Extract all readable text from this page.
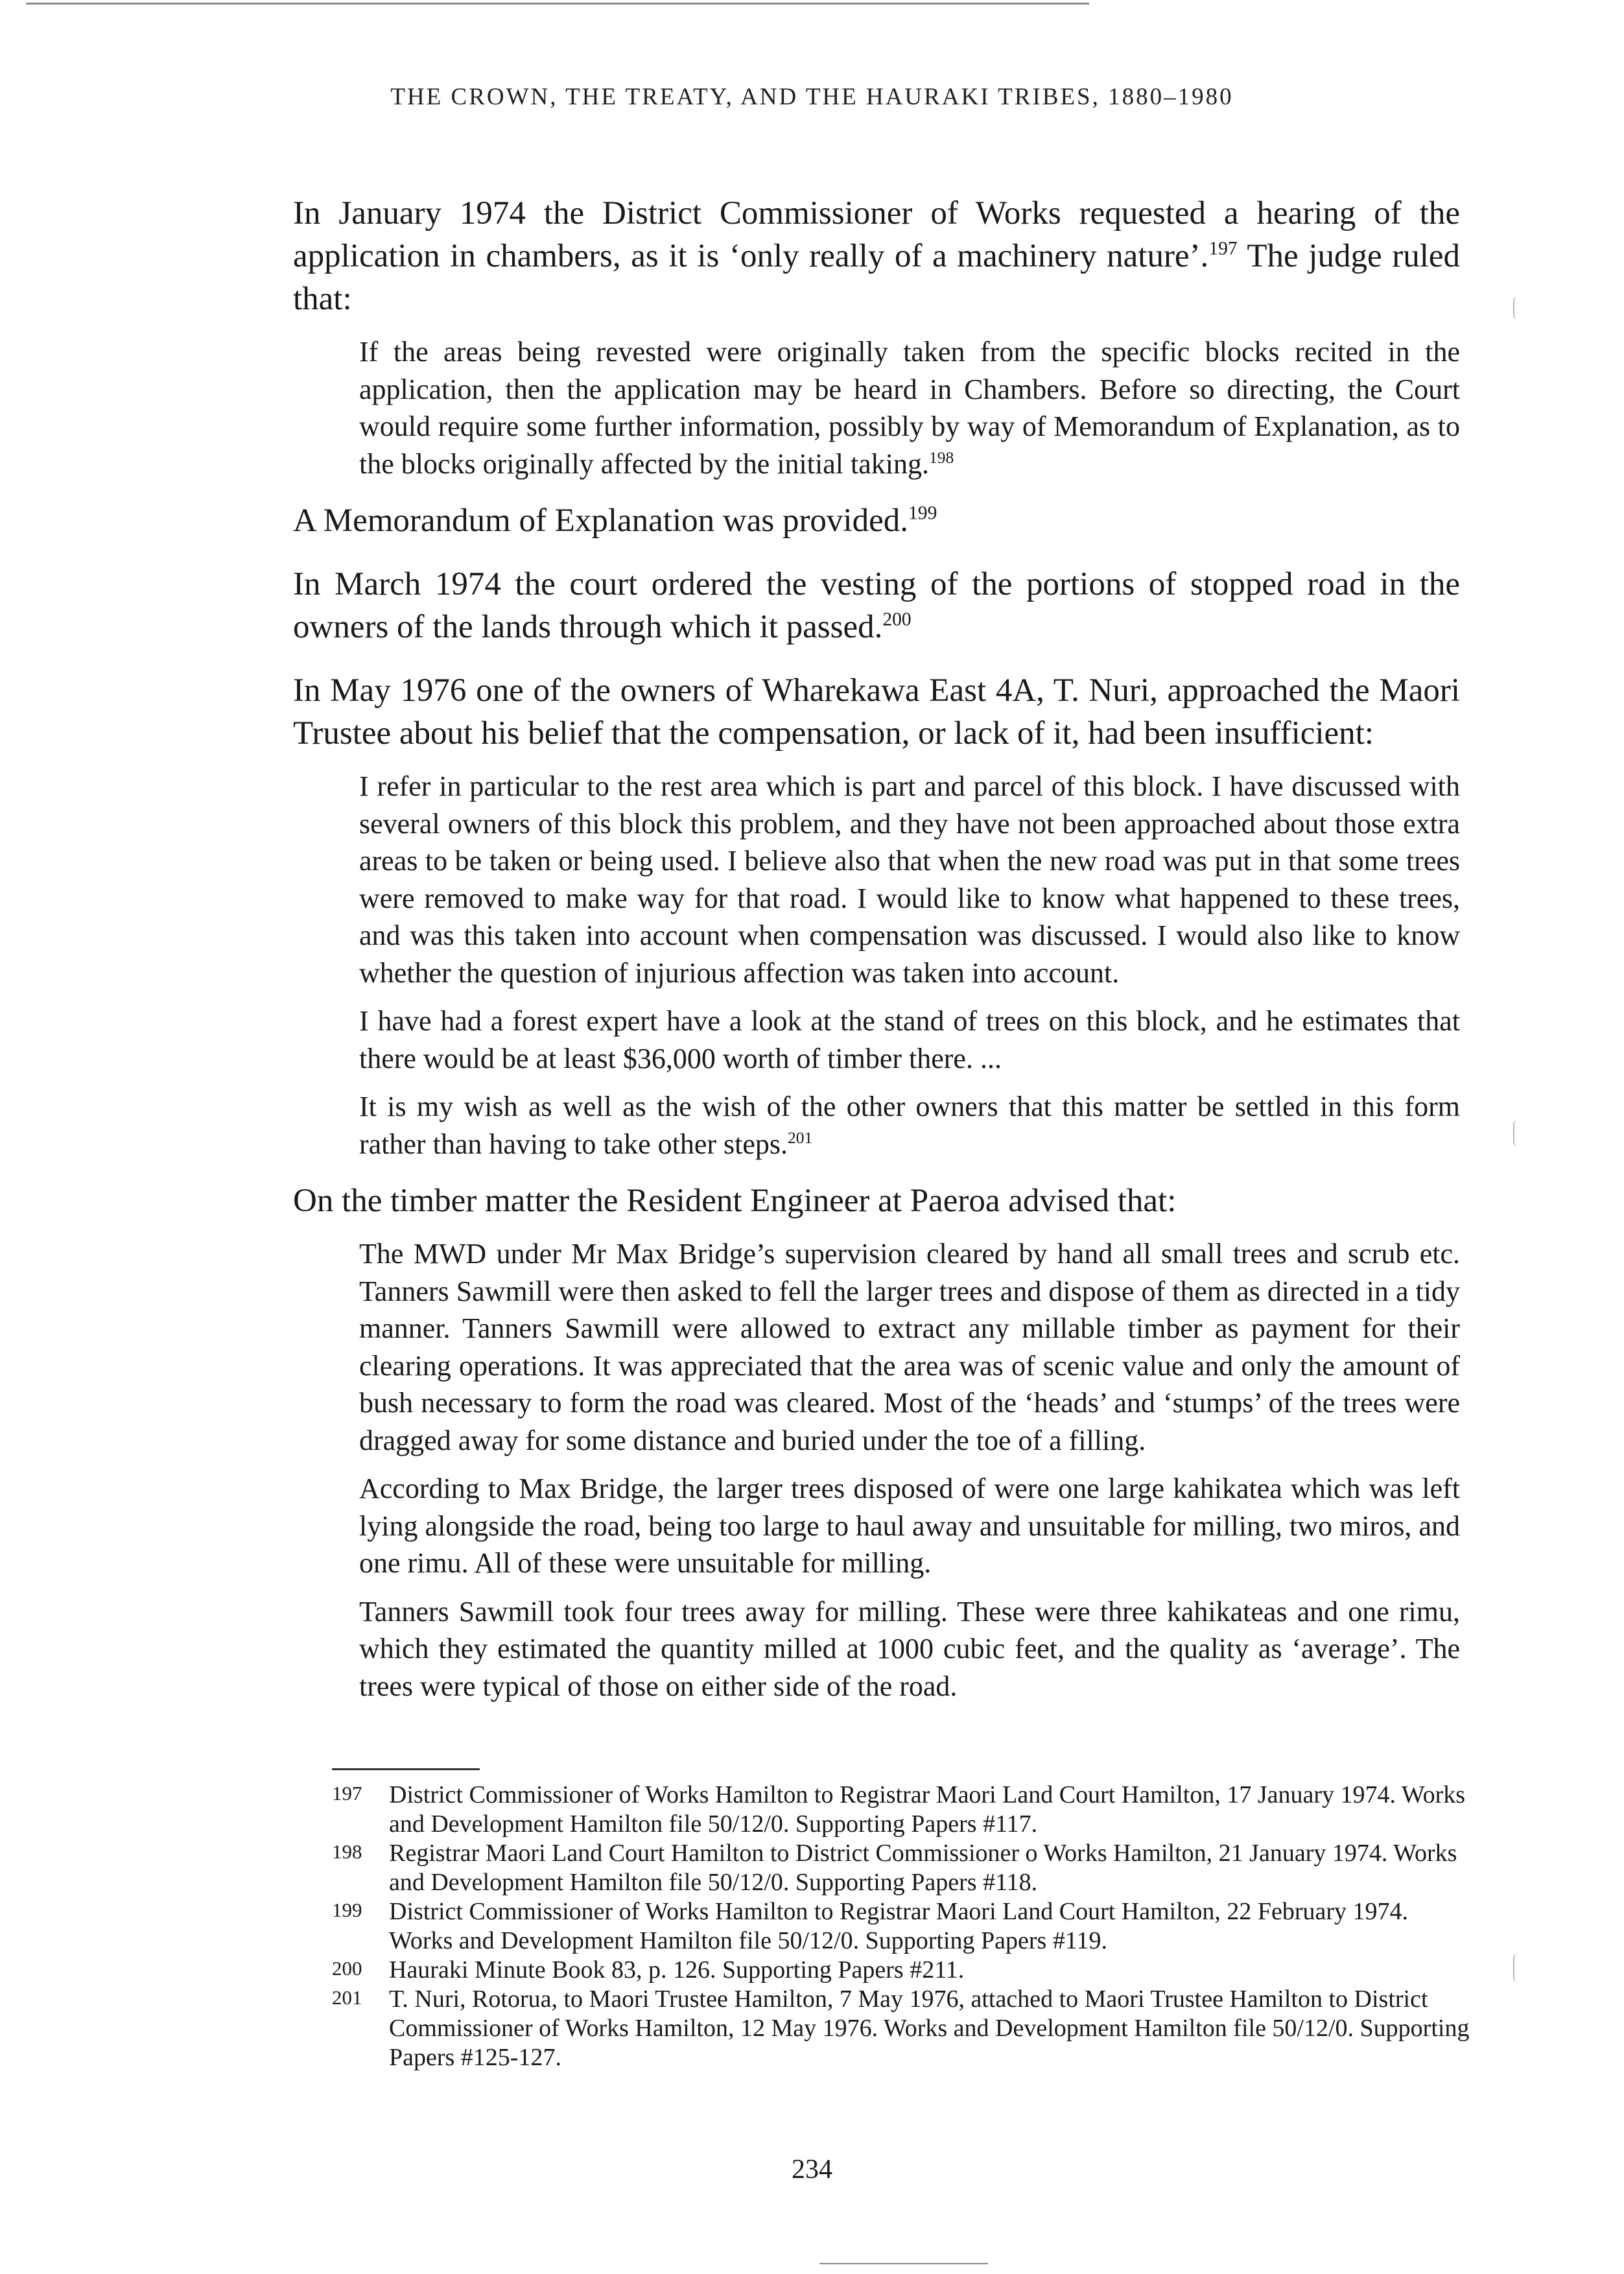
THE CROWN, THE TREATY, AND THE HAURAKI TRIBES, 1880–1980

In January 1974 the District Commissioner of Works requested a hearing of the application in chambers, as it is ‘only really of a machinery nature’.$^{197}$ The judge ruled that:

If the areas being revested were originally taken from the specific blocks recited in the application, then the application may be heard in Chambers. Before so directing, the Court would require some further information, possibly by way of Memorandum of Explanation, as to the blocks originally affected by the initial taking.$^{198}$

A Memorandum of Explanation was provided.$^{199}$

In March 1974 the court ordered the vesting of the portions of stopped road in the owners of the lands through which it passed.$^{200}$

In May 1976 one of the owners of Wharekawa East 4A, T. Nuri, approached the Maori Trustee about his belief that the compensation, or lack of it, had been insufficient:

I refer in particular to the rest area which is part and parcel of this block. I have discussed with several owners of this block this problem, and they have not been approached about those extra areas to be taken or being used. I believe also that when the new road was put in that some trees were removed to make way for that road. I would like to know what happened to these trees, and was this taken into account when compensation was discussed. I would also like to know whether the question of injurious affection was taken into account.

I have had a forest expert have a look at the stand of trees on this block, and he estimates that there would be at least $36,000 worth of timber there. ...

It is my wish as well as the wish of the other owners that this matter be settled in this form rather than having to take other steps.$^{201}$

On the timber matter the Resident Engineer at Paeroa advised that:

The MWD under Mr Max Bridge’s supervision cleared by hand all small trees and scrub etc. Tanners Sawmill were then asked to fell the larger trees and dispose of them as directed in a tidy manner. Tanners Sawmill were allowed to extract any millable timber as payment for their clearing operations. It was appreciated that the area was of scenic value and only the amount of bush necessary to form the road was cleared. Most of the ‘heads’ and ‘stumps’ of the trees were dragged away for some distance and buried under the toe of a filling.

According to Max Bridge, the larger trees disposed of were one large kahikatea which was left lying alongside the road, being too large to haul away and unsuitable for milling, two miros, and one rimu. All of these were unsuitable for milling.

Tanners Sawmill took four trees away for milling. These were three kahikateas and one rimu, which they estimated the quantity milled at 1000 cubic feet, and the quality as ‘average’. The trees were typical of those on either side of the road.

197 District Commissioner of Works Hamilton to Registrar Maori Land Court Hamilton, 17 January 1974. Works and Development Hamilton file 50/12/0. Supporting Papers #117.
198 Registrar Maori Land Court Hamilton to District Commissioner o Works Hamilton, 21 January 1974. Works and Development Hamilton file 50/12/0. Supporting Papers #118.
199 District Commissioner of Works Hamilton to Registrar Maori Land Court Hamilton, 22 February 1974. Works and Development Hamilton file 50/12/0. Supporting Papers #119.
200 Hauraki Minute Book 83, p. 126. Supporting Papers #211.
201 T. Nuri, Rotorua, to Maori Trustee Hamilton, 7 May 1976, attached to Maori Trustee Hamilton to District Commissioner of Works Hamilton, 12 May 1976. Works and Development Hamilton file 50/12/0. Supporting Papers #125-127.
234
